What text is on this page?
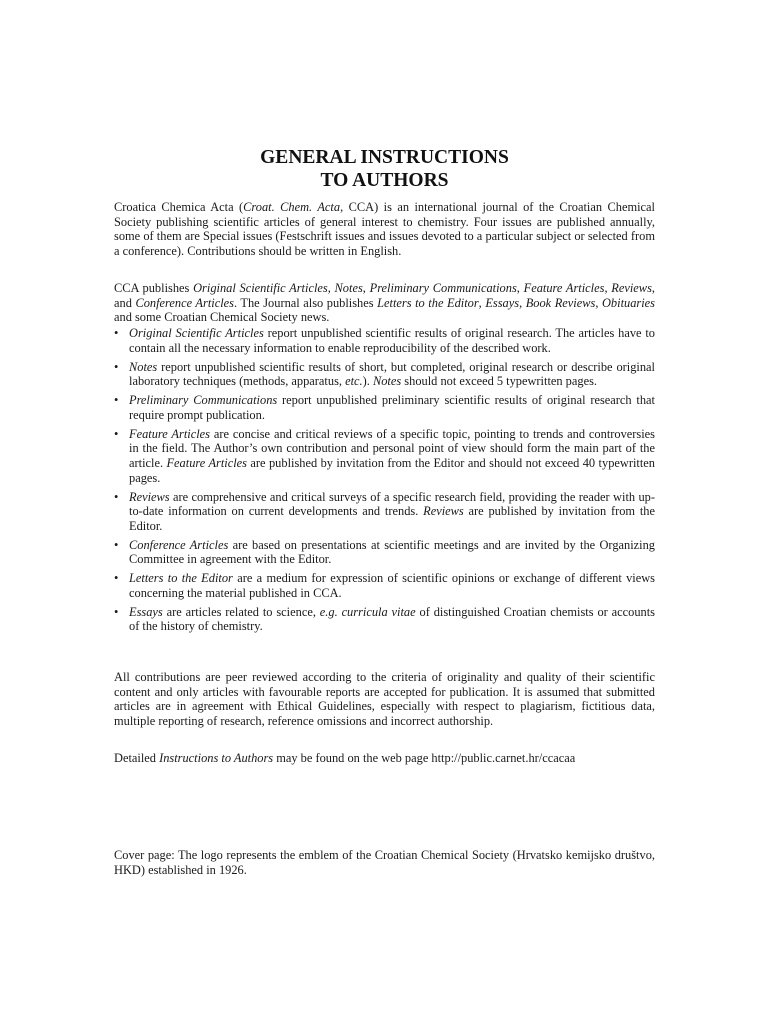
GENERAL INSTRUCTIONS
TO AUTHORS

Croatica Chemica Acta (Croat. Chem. Acta, CCA) is an international journal of the Croatian Chemical Society publishing scientific articles of general interest to chemistry. Four issues are published annually, some of them are Special issues (Festschrift issues and issues devoted to a particular subject or selected from a conference). Contributions should be written in English.

CCA publishes Original Scientific Articles, Notes, Preliminary Communications, Feature Articles, Reviews, and Conference Articles. The Journal also publishes Letters to the Editor, Essays, Book Reviews, Obituaries and some Croatian Chemical Society news.

• Original Scientific Articles report unpublished scientific results of original research. The articles have to contain all the necessary information to enable reproducibility of the described work.
• Notes report unpublished scientific results of short, but completed, original research or describe original laboratory techniques (methods, apparatus, etc.). Notes should not exceed 5 typewritten pages.
• Preliminary Communications report unpublished preliminary scientific results of original research that require prompt publication.
• Feature Articles are concise and critical reviews of a specific topic, pointing to trends and controversies in the field. The Author’s own contribution and personal point of view should form the main part of the article. Feature Articles are published by invitation from the Editor and should not exceed 40 typewritten pages.
• Reviews are comprehensive and critical surveys of a specific research field, providing the reader with up-to-date information on current developments and trends. Reviews are published by invitation from the Editor.
• Conference Articles are based on presentations at scientific meetings and are invited by the Organizing Committee in agreement with the Editor.
• Letters to the Editor are a medium for expression of scientific opinions or exchange of different views concerning the material published in CCA.
• Essays are articles related to science, e.g. curricula vitae of distinguished Croatian chemists or accounts of the history of chemistry.

All contributions are peer reviewed according to the criteria of originality and quality of their scientific content and only articles with favourable reports are accepted for publication. It is assumed that submitted articles are in agreement with Ethical Guidelines, especially with respect to plagiarism, fictitious data, multiple reporting of research, reference omissions and incorrect authorship.

Detailed Instructions to Authors may be found on the web page http://public.carnet.hr/ccacaa

Cover page: The logo represents the emblem of the Croatian Chemical Society (Hrvatsko kemijsko društvo, HKD) established in 1926.
